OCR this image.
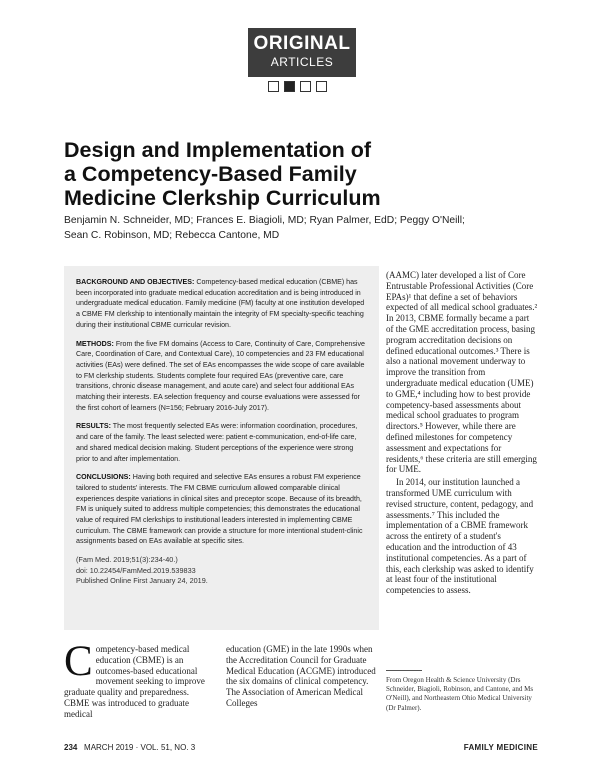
ORIGINAL
ARTICLES
Design and Implementation of
a Competency-Based Family
Medicine Clerkship Curriculum
Benjamin N. Schneider, MD; Frances E. Biagioli, MD; Ryan Palmer, EdD; Peggy O'Neill;
Sean C. Robinson, MD; Rebecca Cantone, MD

BACKGROUND AND OBJECTIVES: Competency-based medical education (CBME) has been incorporated into graduate medical education accreditation and is being introduced in undergraduate medical education. Family medicine (FM) faculty at one institution developed a CBME FM clerkship to intentionally maintain the integrity of FM specialty-specific teaching during their institutional CBME curricular revision.

METHODS: From the five FM domains (Access to Care, Continuity of Care, Comprehensive Care, Coordination of Care, and Contextual Care), 10 competencies and 23 FM educational activities (EAs) were defined. The set of EAs encompasses the wide scope of care available to FM clerkship students. Students complete four required EAs (preventive care, care transitions, chronic disease management, and acute care) and select four additional EAs matching their interests. EA selection frequency and course evaluations were assessed for the first cohort of learners (N=156; February 2016-July 2017).

RESULTS: The most frequently selected EAs were: information coordination, procedures, and care of the family. The least selected were: patient e-communication, end-of-life care, and shared medical decision making. Student perceptions of the experience were strong prior to and after implementation.

CONCLUSIONS: Having both required and selective EAs ensures a robust FM experience tailored to students' interests. The FM CBME curriculum allowed comparable clinical experiences despite variations in clinical sites and preceptor scope. Because of its breadth, FM is uniquely suited to address multiple competencies; this demonstrates the educational value of required FM clerkships to institutional leaders interested in implementing CBME curriculum. The CBME framework can provide a structure for more intentional student-clinic assignments based on EAs available at specific sites.

(Fam Med. 2019;51(3):234-40.)
doi: 10.22454/FamMed.2019.539833
Published Online First January 24, 2019.

(AAMC) later developed a list of Core Entrustable Professional Activities (Core EPAs)¹ that define a set of behaviors expected of all medical school graduates.² In 2013, CBME formally became a part of the GME accreditation process, basing program accreditation decisions on defined educational outcomes.³ There is also a national movement underway to improve the transition from undergraduate medical education (UME) to GME,⁴ including how to best provide competency-based assessments about medical school graduates to program directors.⁵ However, while there are defined milestones for competency assessment and expectations for residents,⁶ these criteria are still emerging for UME.

In 2014, our institution launched a transformed UME curriculum with revised structure, content, pedagogy, and assessments.⁷ This included the implementation of a CBME framework across the entirety of a student's education and the introduction of 43 institutional competencies. As a part of this, each clerkship was asked to identify at least four of the institutional competencies to assess.

From Oregon Health & Science University (Drs Schneider, Biagioli, Robinson, and Cantone, and Ms O'Neill), and Northeastern Ohio Medical University (Dr Palmer).
Competency-based medical education (CBME) is an outcomes-based educational movement seeking to improve graduate quality and preparedness. CBME was introduced to graduate medical
education (GME) in the late 1990s when the Accreditation Council for Graduate Medical Education (ACGME) introduced the six domains of clinical competency. The Association of American Medical Colleges
234 MARCH 2019 · VOL. 51, NO. 3	FAMILY MEDICINE
